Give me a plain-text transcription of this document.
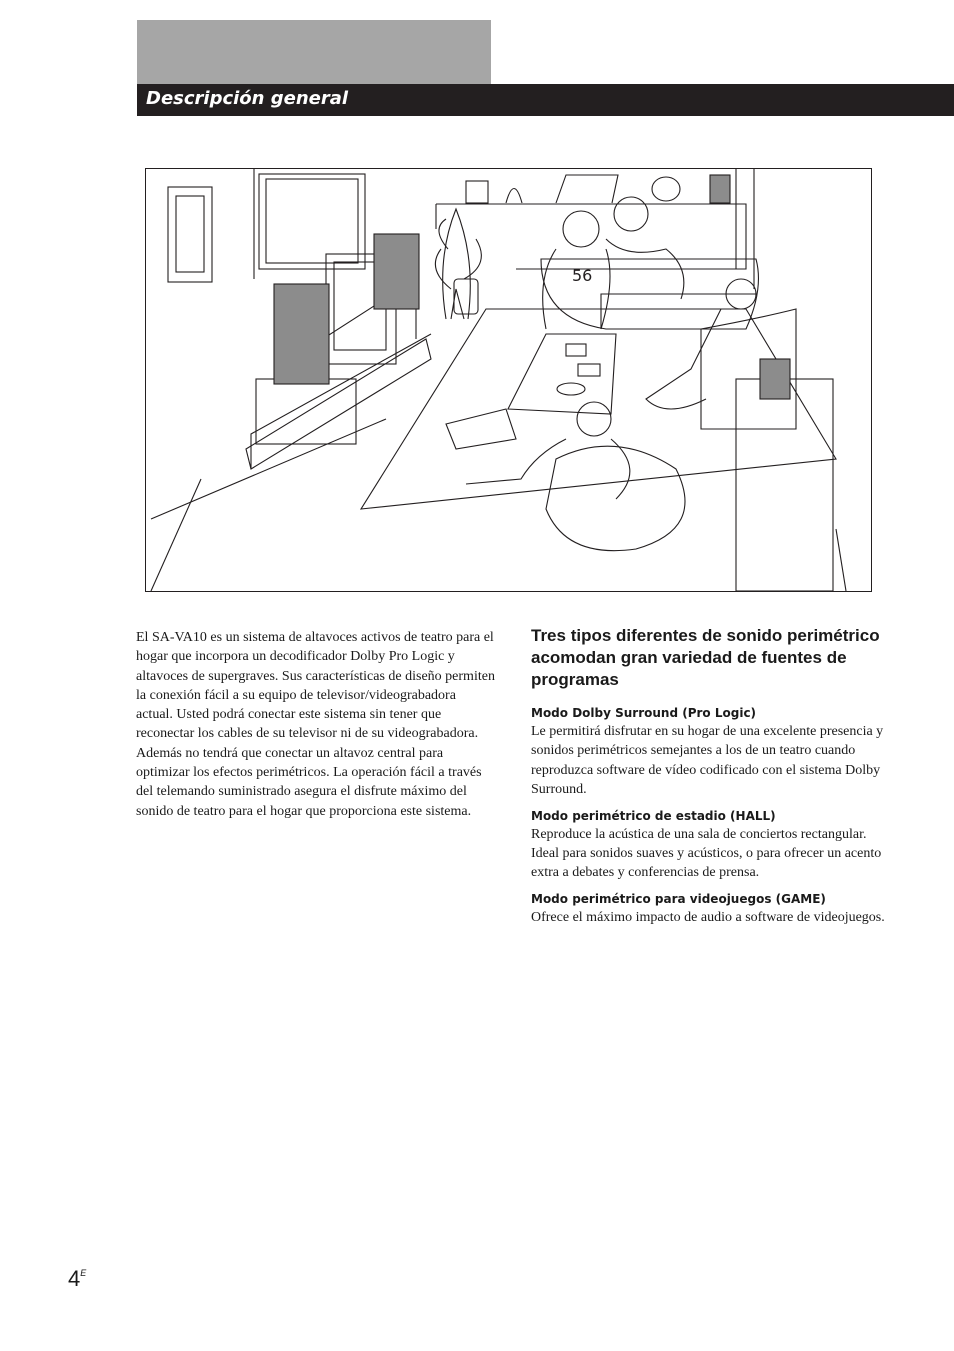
Descripción general
56

El SA-VA10 es un sistema de altavoces activos de teatro para el hogar que incorpora un decodificador Dolby Pro Logic y altavoces de supergraves. Sus características de diseño permiten la conexión fácil a su equipo de televisor/videograbadora actual. Usted podrá conectar este sistema sin tener que reconectar los cables de su televisor ni de su videograbadora. Además no tendrá que conectar un altavoz central para optimizar los efectos perimétricos. La operación fácil a través del telemando suministrado asegura el disfrute máximo del sonido de teatro para el hogar que proporciona este sistema.

Tres tipos diferentes de sonido perimétrico acomodan gran variedad de fuentes de programas
Modo Dolby Surround (Pro Logic)
Le permitirá disfrutar en su hogar de una excelente presencia y sonidos perimétricos semejantes a los de un teatro cuando reproduzca software de vídeo codificado con el sistema Dolby Surround.
Modo perimétrico de estadio (HALL)
Reproduce la acústica de una sala de conciertos rectangular. Ideal para sonidos suaves y acústicos, o para ofrecer un acento extra a debates y conferencias de prensa.
Modo perimétrico para videojuegos (GAME)
Ofrece el máximo impacto de audio a software de videojuegos.
$4^E$
